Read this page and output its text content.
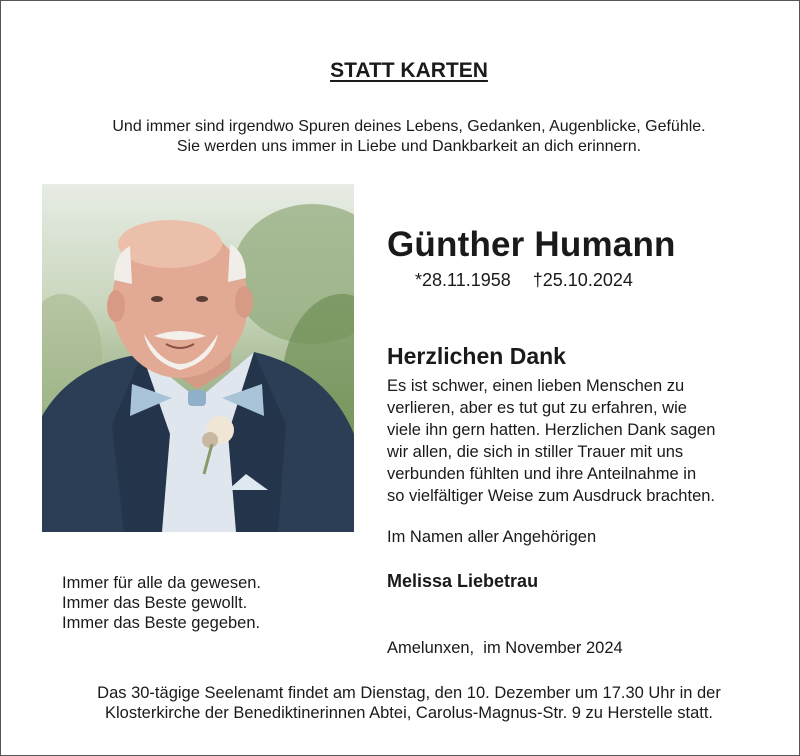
STATT KARTEN
Und immer sind irgendwo Spuren deines Lebens, Gedanken, Augenblicke, Gefühle.
Sie werden uns immer in Liebe und Dankbarkeit an dich erinnern.
Günther Humann
*28.11.1958 †25.10.2024
Herzlichen Dank
Es ist schwer, einen lieben Menschen zu
verlieren, aber es tut gut zu erfahren, wie
viele ihn gern hatten. Herzlichen Dank sagen
wir allen, die sich in stiller Trauer mit uns
verbunden fühlten und ihre Anteilnahme in
so vielfältiger Weise zum Ausdruck brachten.
Im Namen aller Angehörigen
Melissa Liebetrau
Immer für alle da gewesen.
Immer das Beste gewollt.
Immer das Beste gegeben.
Amelunxen,  im November 2024
Das 30-tägige Seelenamt findet am Dienstag, den 10. Dezember um 17.30 Uhr in der
Klosterkirche der Benediktinerinnen Abtei, Carolus-Magnus-Str. 9 zu Herstelle statt.
